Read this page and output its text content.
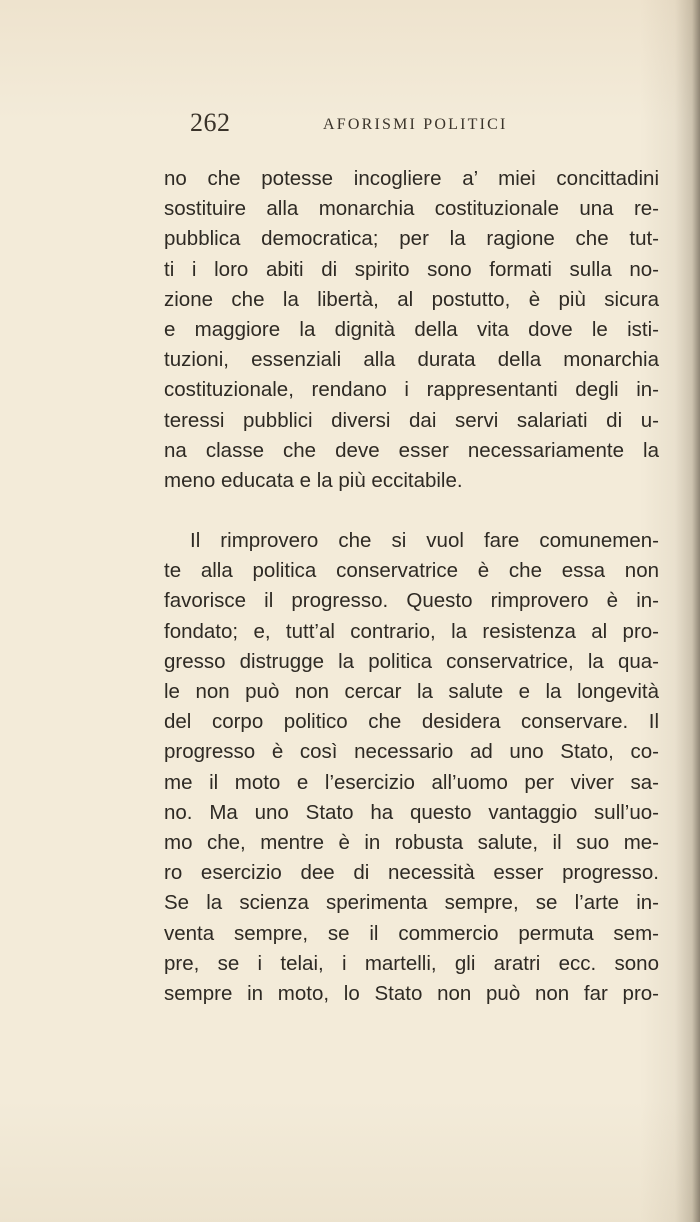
262	AFORISMI POLITICI
no che potesse incogliere a’ miei concittadini
sostituire alla monarchia costituzionale una re-
pubblica democratica; per la ragione che tut-
ti i loro abiti di spirito sono formati sulla no-
zione che la libertà, al postutto, è più sicura
e maggiore la dignità della vita dove le isti-
tuzioni, essenziali alla durata della monarchia
costituzionale, rendano i rappresentanti degli in-
teressi pubblici diversi dai servi salariati di u-
na classe che deve esser necessariamente la
meno educata e la più eccitabile.
Il rimprovero che si vuol fare comunemen-
te alla politica conservatrice è che essa non
favorisce il progresso. Questo rimprovero è in-
fondato; e, tutt’al contrario, la resistenza al pro-
gresso distrugge la politica conservatrice, la qua-
le non può non cercar la salute e la longevità
del corpo politico che desidera conservare. Il
progresso è così necessario ad uno Stato, co-
me il moto e l’esercizio all’uomo per viver sa-
no. Ma uno Stato ha questo vantaggio sull’uo-
mo che, mentre è in robusta salute, il suo me-
ro esercizio dee di necessità esser progresso.
Se la scienza sperimenta sempre, se l’arte in-
venta sempre, se il commercio permuta sem-
pre, se i telai, i martelli, gli aratri ecc. sono
sempre in moto, lo Stato non può non far pro-
